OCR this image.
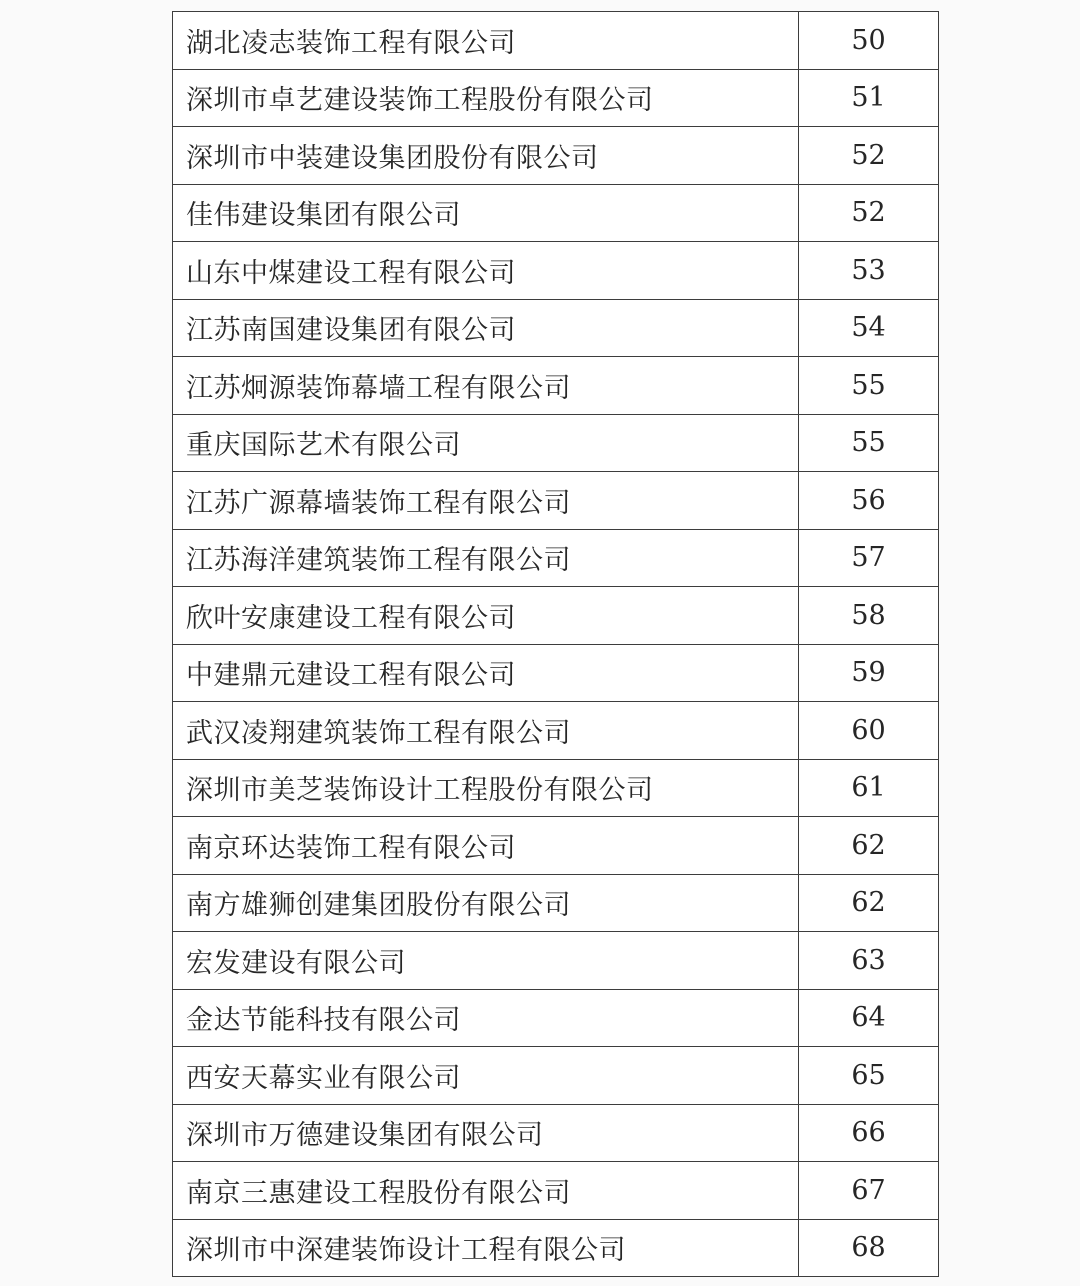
湖北凌志装饰工程有限公司	50
深圳市卓艺建设装饰工程股份有限公司	51
深圳市中装建设集团股份有限公司	52
佳伟建设集团有限公司	52
山东中煤建设工程有限公司	53
江苏南国建设集团有限公司	54
江苏炯源装饰幕墙工程有限公司	55
重庆国际艺术有限公司	55
江苏广源幕墙装饰工程有限公司	56
江苏海洋建筑装饰工程有限公司	57
欣叶安康建设工程有限公司	58
中建鼎元建设工程有限公司	59
武汉凌翔建筑装饰工程有限公司	60
深圳市美芝装饰设计工程股份有限公司	61
南京环达装饰工程有限公司	62
南方雄狮创建集团股份有限公司	62
宏发建设有限公司	63
金达节能科技有限公司	64
西安天幕实业有限公司	65
深圳市万德建设集团有限公司	66
南京三惠建设工程股份有限公司	67
深圳市中深建装饰设计工程有限公司	68
